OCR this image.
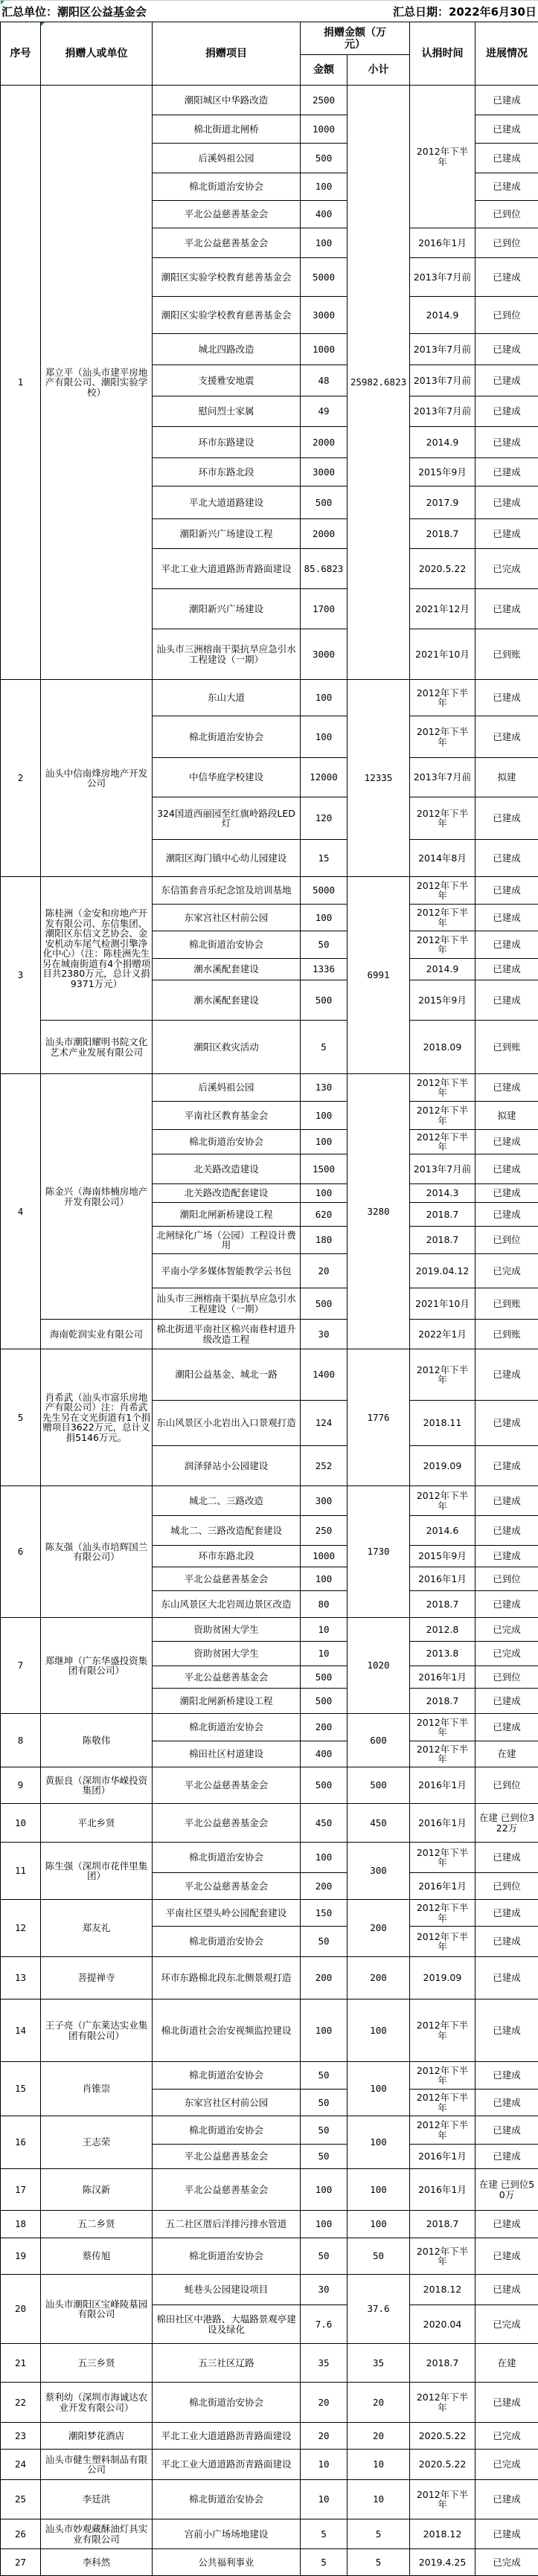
汇总单位：潮阳区公益基金会	汇总日期：2022年6月30日
序号	捐赠人或单位	捐赠项目	捐赠金额（万元）		认捐时间	进展情况
			金额	小计		
1	郑立平（汕头市建平房地产有限公司、潮阳实验学校）	潮阳城区中华路改造	2500	25982.6823	2012年下半年	已建成
		棉北街道北闸桥	1000			已建成
		后溪妈祖公园	500			已建成
		棉北街道治安协会	100			已建成
		平北公益慈善基金会	400			已到位
		平北公益慈善基金会	100		2016年1月	已到位
		潮阳区实验学校教育慈善基金会	5000		2013年7月前	已建成
		潮阳区实验学校教育慈善基金会	3000		2014.9	已到位
		城北四路改造	1000		2013年7月前	已建成
		支援雅安地震	48		2013年7月前	已建成
		慰问烈士家属	49		2013年7月前	已建成
		环市东路建设	2000		2014.9	已建成
		环市东路北段	3000		2015年9月	已建成
		平北大道道路建设	500		2017.9	已建成
		潮阳新兴广场建设工程	2000		2018.7	已建成
		平北工业大道道路沥青路面建设	85.6823		2020.5.22	已完成
		潮阳新兴广场建设	1700		2021年12月	已建成
		汕头市三洲榕南干渠抗旱应急引水工程建设（一期）	3000		2021年10月	已到账
2	汕头中信南烽房地产开发公司	东山大道	100	12335	2012年下半年	已建成
		棉北街道治安协会	100		2012年下半年	已建成
		中信华庭学校建设	12000		2013年7月前	拟建
		324国道西丽园至红旗岭路段LED灯	120		2012年下半年	已建成
		潮阳区海门镇中心幼儿园建设	15		2014年8月	已建成
3	陈桂洲（金安和房地产开发有限公司、东信集团、潮阳区东信文艺协会、金安机动车尾气检测引擎净化中心）（注：陈桂洲先生另在城南街道有4个捐赠项目共2380万元，总计义捐9371万元）	东信笛套音乐纪念馆及培训基地	5000	6991	2012年下半年	已建成
		东家宫社区村前公园	100		2012年下半年	已建成
		棉北街道治安协会	50		2012年下半年	已建成
		潮水溪配套建设	1336		2014.9	已建成
		潮水溪配套建设	500		2015年9月	已建成
	汕头市潮阳耀明书院文化艺术产业发展有限公司	潮阳区救灾活动	5		2018.09	已到账
4	陈金兴（海南炜楠房地产开发有限公司）	后溪妈祖公园	130	3280	2012年下半年	已建成
		平南社区教育基金会	100		2012年下半年	拟建
		棉北街道治安协会	100		2012年下半年	已建成
		北关路改造建设	1500		2013年7月前	已建成
		北关路改造配套建设	100		2014.3	已建成
		潮阳北闸新桥建设工程	620		2018.7	已建成
		北闸绿化广场（公园）工程设计费用	180		2018.7	已到位
		平南小学多媒体智能教学云书包	20		2019.04.12	已完成
		汕头市三洲榕南干渠抗旱应急引水工程建设（一期）	500		2021年10月	已到账
	海南乾润实业有限公司	棉北街道平南社区棉兴南巷村道升级改造工程	30		2022年1月	已到账
5	肖希武（汕头市富乐房地产有限公司）注：肖希武先生另在文光街道有1个捐赠项目3622万元，总计义捐5146万元。	潮阳公益基金、城北一路	1400	1776	2012年下半年	已建成
		东山风景区小北岩出入口景观打造	124		2018.11	已建成
		润泽驿站小公园建设	252		2019.09	已建成
6	陈友强（汕头市培辉国兰有限公司）	城北二、三路改造	300	1730	2012年下半年	已建成
		城北二、三路改造配套建设	250		2014.6	已建成
		环市东路北段	1000		2015年9月	已建成
		平北公益慈善基金会	100		2016年1月	已到位
		东山风景区大北岩周边景区改造	80		2018.7	已建成
7	郑继坤（广东华盛投资集团有限公司）	资助贫困大学生	10	1020	2012.8	已完成
		资助贫困大学生	10		2013.8	已完成
		平北公益慈善基金会	500		2016年1月	已到位
		潮阳北闸新桥建设工程	500		2018.7	已建成
8	陈敬伟	棉北街道治安协会	200	600	2012年下半年	已建成
		棉田社区村道建设	400		2012年下半年	在建
9	黄振良（深圳市华嵘投资集团）	平北公益慈善基金会	500	500	2016年1月	已到位
10	平北乡贤	平北公益慈善基金会	450	450	2016年1月	在建 已到位322万
11	陈生强（深圳市花伴里集团）	棉北街道治安协会	100	300	2012年下半年	已建成
		平北公益慈善基金会	200		2016年1月	已到位
12	郑友礼	平南社区望头岭公园配套建设	150	200	2012年下半年	已建成
		棉北街道治安协会	50		2012年下半年	已建成
13	菩提禅寺	环市东路棉北段东北侧景观打造	200	200	2019.09	已建成
14	王子亮（广东莱达实业集团有限公司）	棉北街道社会治安视频监控建设	100	100	2012年下半年	已建成
15	肖锥崇	棉北街道治安协会	50	100	2012年下半年	已建成
		东家宫社区村前公园	50		2012年下半年	已建成
16	王志荣	棉北街道治安协会	50	100	2012年下半年	已建成
		平北公益慈善基金会	50		2016年1月	已建成
17	陈汉新	平北公益慈善基金会	100	100	2016年1月	在建 已到位50万
18	五二乡贤	五二社区厝后洋排污排水管道	100	100	2018.7	已建成
19	蔡传旭	棉北街道治安协会	50	50	2012年下半年	已建成
20	汕头市潮阳区宝峰陵墓园有限公司	蚝巷头公园建设项目	30	37.6	2018.12	已建成
		棉田社区中港路、大塭路景观亭建设及绿化	7.6		2020.04	已完成
21	五三乡贤	五三社区辽路	35	35	2018.7	在建
22	蔡利幼（深圳市海诚达农业开发有限公司）	棉北街道治安协会	20	20	2012年下半年	已建成
23	潮阳梦花酒店	平北工业大道道路沥青路面建设	20	20	2020.5.22	已完成
24	汕头市健生塑料制品有限公司	平北工业大道道路沥青路面建设	10	10	2020.5.22	已完成
25	李廷洪	棉北街道治安协会	10	10	2012年下半年	已建成
26	汕头市妙观藏酥油灯具实业有限公司	宫前小广场场地建设	5	5	2018.12	已建成
27	李科然	公共福利事业	5	5	2019.4.25	已完成
